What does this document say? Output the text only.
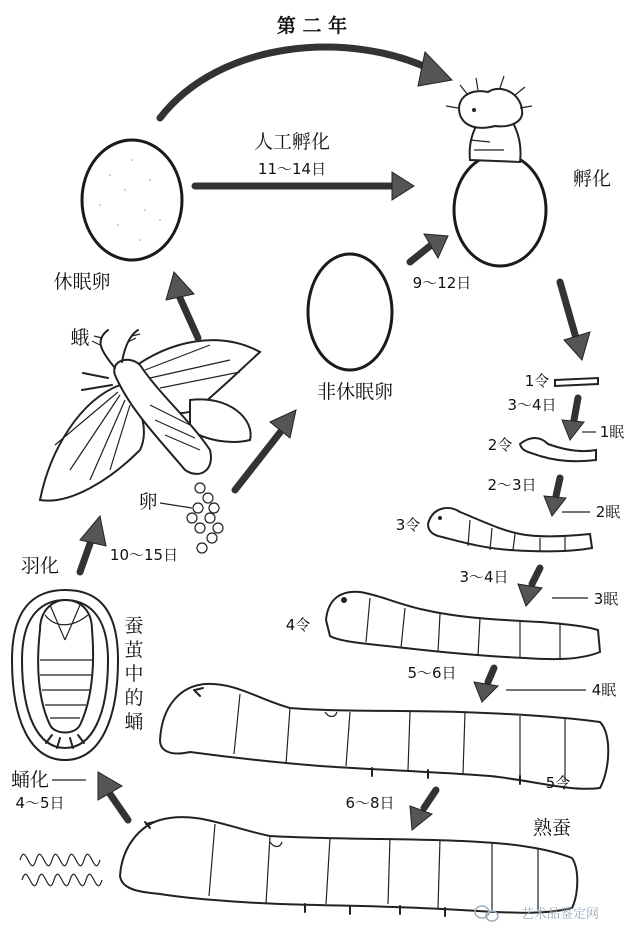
第 二 年
人工孵化
11～14日
休眠卵
孵化
非休眠卵
9～12日
蛾
卵
羽化	10～15日
蚕
茧
中
的
蛹
蛹化
4～5日
1令
3～4日
1眠
2令
2～3日
2眠
3令
3～4日
3眠
4令
5～6日
4眠
5令
6～8日
熟蚕
艺术品鉴定网
